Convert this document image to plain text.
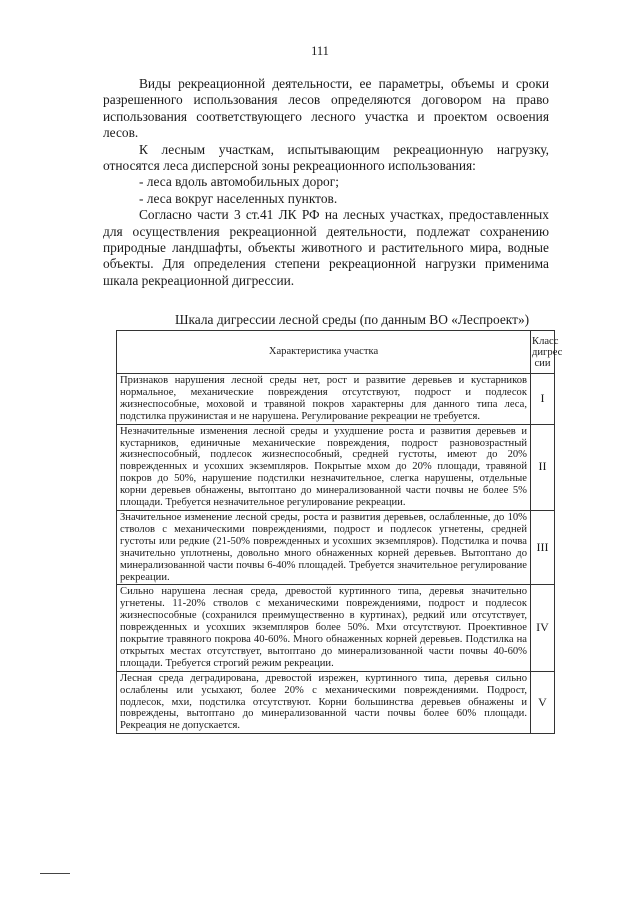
111

Виды рекреационной деятельности, ее параметры, объемы и сроки разрешенного использования лесов определяются договором на право использования соответствующего лесного участка и проектом освоения лесов.

К лесным участкам, испытывающим рекреационную нагрузку, относятся леса дисперсной зоны рекреационного использования:

- леса вдоль автомобильных дорог;

- леса вокруг населенных пунктов.

Согласно части 3 ст.41 ЛК РФ на лесных участках, предоставленных для осуществления рекреационной деятельности, подлежат сохранению природные ландшафты, объекты животного и растительного мира, водные объекты. Для определения степени рекреационной нагрузки применима шкала рекреационной дигрессии.

Шкала дигрессии лесной среды (по данным ВО «Леспроект»)
Характеристика участка	Класс дигрес сии
Признаков нарушения лесной среды нет, рост и развитие деревьев и кустарников нормальное, механические повреждения отсутствуют, подрост и подлесок жизнеспособные, моховой и травяной покров характерны для данного типа леса, подстилка пружинистая и не нарушена. Регулирование рекреации не требуется.	I
Незначительные изменения лесной среды и ухудшение роста и развития деревьев и кустарников, единичные механические повреждения, подрост разновозрастный жизнеспособный, подлесок жизнеспособный, средней густоты, имеют до 20% поврежденных и усохших экземпляров. Покрытые мхом до 20% площади, травяной покров до 50%, нарушение подстилки незначительное, слегка нарушены, отдельные корни деревьев обнажены, вытоптано до минерализованной части почвы не более 5% площади. Требуется незначительное регулирование рекреации.	II
Значительное изменение лесной среды, роста и развития деревьев, ослабленные, до 10% стволов с механическими повреждениями, подрост и подлесок угнетены, средней густоты или редкие (21-50% поврежденных и усохших экземпляров). Подстилка и почва значительно уплотнены, довольно много обнаженных корней деревьев. Вытоптано до минерализованной части почвы 6-40% площадей. Требуется значительное регулирование рекреации.	III
Сильно нарушена лесная среда, древостой куртинного типа, деревья значительно угнетены. 11-20% стволов с механическими повреждениями, подрост и подлесок жизнеспособные (сохранился преимущественно в куртинах), редкий или отсутствует, поврежденных и усохших экземпляров более 50%. Мхи отсутствуют. Проективное покрытие травяного покрова 40-60%. Много обнаженных корней деревьев. Подстилка на открытых местах отсутствует, вытоптано до минерализованной части почвы 40-60% площади. Требуется строгий режим рекреации.	IV
Лесная среда деградирована, древостой изрежен, куртинного типа, деревья сильно ослаблены или усыхают, более 20% с механическими повреждениями. Подрост, подлесок, мхи, подстилка отсутствуют. Корни большинства деревьев обнажены и повреждены, вытоптано до минерализованной части почвы более 60% площади. Рекреация не допускается.	V
